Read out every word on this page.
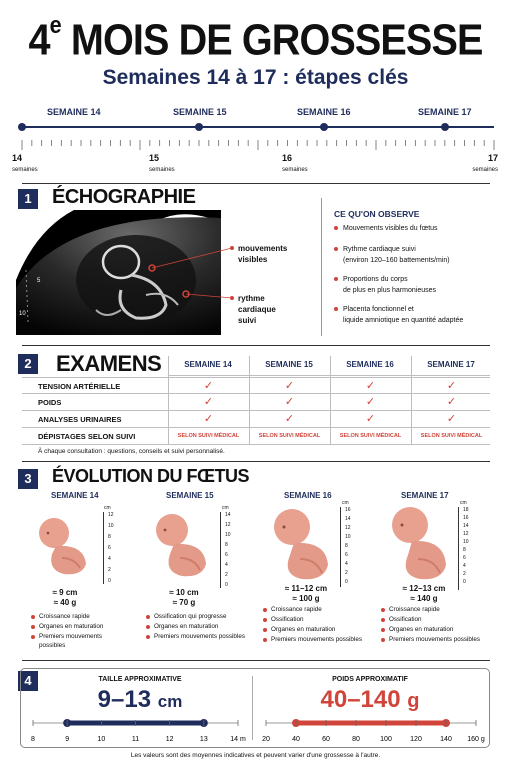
4e MOIS DE GROSSESSE
Semaines 14 à 17 : étapes clés
SEMAINE 14	SEMAINE 15	SEMAINE 16	SEMAINE 17
14
semaines
15
semaines
16
semaines
17
semaines
1	ÉCHOGRAPHIE
5
10
mouvements visibles
rythme cardiaque suivi
CE QU'ON OBSERVE
Mouvements visibles du fœtus
Rythme cardiaque suivi
(environ 120–160 battements/min)
Proportions du corps
de plus en plus harmonieuses
Placenta fonctionnel et
liquide amniotique en quantité adaptée
2 EXAMENS	SEMAINE 14	SEMAINE 15	SEMAINE 16	SEMAINE 17
TENSION ARTÉRIELLE	✓	✓	✓	✓
POIDS	✓	✓	✓	✓
ANALYSES URINAIRES	✓	✓	✓	✓
DÉPISTAGES SELON SUIVI	SELON SUIVI MÉDICAL	SELON SUIVI MÉDICAL	SELON SUIVI MÉDICAL	SELON SUIVI MÉDICAL
À chaque consultation : questions, conseils et suivi personnalisé.
3	ÉVOLUTION DU FŒTUS
SEMAINE 14
cm
12
10
8
6
4
2
0
≈ 9 cm
≈ 40 g
Croissance rapide
Organes en maturation
Premiers mouvements possibles
SEMAINE 15
cm
14
12
10
8
6
4
2
0
≈ 10 cm
≈ 70 g
Ossification qui progresse
Organes en maturation
Premiers mouvements possibles
SEMAINE 16
cm
16
14
12
10
8
6
4
2
0
≈ 11–12 cm
≈ 100 g
Croissance rapide
Ossification
Organes en maturation
Premiers mouvements possibles
SEMAINE 17
cm
18
16
14
12
10
8
6
4
2
0
≈ 12–13 cm
≈ 140 g
Croissance rapide
Ossification
Organes en maturation
Premiers mouvements possibles
4	TAILLE APPROXIMATIVE
9–13 cm
8	9	10	11	12	13	14 m
POIDS APPROXIMATIF
40–140 g
20	40	60	80	100	120	140 160 g
Les valeurs sont des moyennes indicatives et peuvent varier d'une grossesse à l'autre.
